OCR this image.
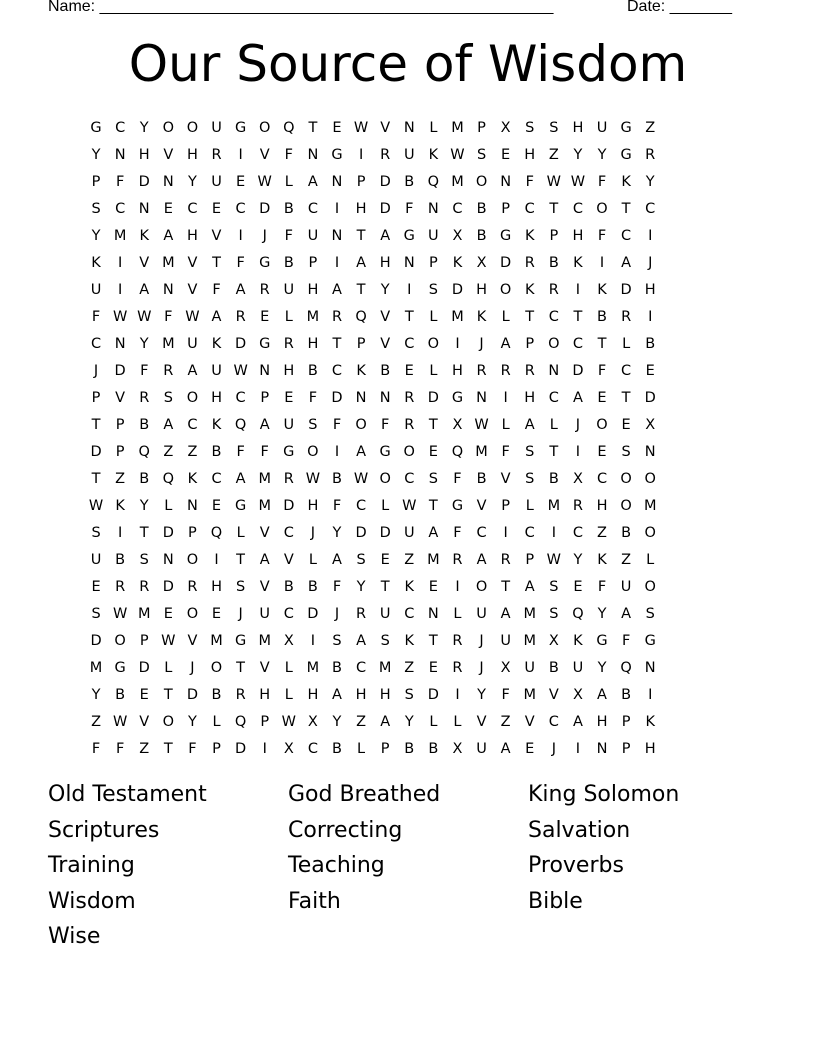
Name: ___________________________________________________	Date: _______
Our Source of Wisdom
G C	Y O O U G O Q T	E W V N	L M P	X	S	S H U G Z
Y N H V H R	I	V	F N G	I	R U K W S	E H Z	Y	Y G R
P	F D N Y U E W L	A N P D B Q M O N	F W W F	K	Y
S C N E C E C D B C	I	H D F N C B	P	C	T	C O T	C
Y M K A H V	I	J	F	U N T	A G U X B G K	P H F	C	I
K	I	V M V	T	F G B	P	I	A H N P	K X D R B K	I	A	J
U	I	A N V	F	A R U H A	T	Y	I	S D H O K R	I	K D H
F W W F W A R E	L M R Q V	T	L M K	L	T	C	T	B R	I
C N Y M U K D G R H T	P	V C O	I	J	A	P O C	T	L	B
J	D F	R A U W N H B C K B	E	L	H R R R N D F	C E
P	V R S O H C	P	E	F D N N R D G N	I	H C A	E	T D
T	P	B A C K Q A U S	F O F	R	T	X W L	A	L	J	O E	X
D P Q Z Z B	F	F G O	I	A G O E Q M F	S	T	I	E	S N
T	Z B Q K C A M R W B W O C S	F	B V	S	B X C O O
W K	Y	L	N E G M D H F	C	L W T G V	P	L M R H O M
S	I	T D P Q L	V C	J	Y D D U A	F	C	I	C	I	C Z B O
U B	S N O	I	T	A V	L	A	S	E	Z M R A R	P W Y	K Z	L
E R R D R H S	V B B	F	Y	T	K	E	I	O T	A	S	E	F	U O
S W M E O E	J	U C D	J	R U C N	L	U A M S Q Y	A	S
D O P W V M G M X	I	S	A	S	K	T	R	J	U M X K G F G
M G D L	J	O T	V	L M B C M Z	E R	J	X U B U Y Q N
Y	B	E	T D B R H	L	H A H H S D	I	Y	F M V X A B	I
Z W V O Y	L Q P W X	Y	Z A	Y	L	L	V Z V C A H P	K
F	F	Z	T	F	P D	I	X C B	L	P	B B X U A	E	J	I	N P H
Old Testament	God Breathed	King Solomon
Scriptures	Correcting	Salvation
Training	Teaching	Proverbs
Wisdom	Faith	Bible
Wise
